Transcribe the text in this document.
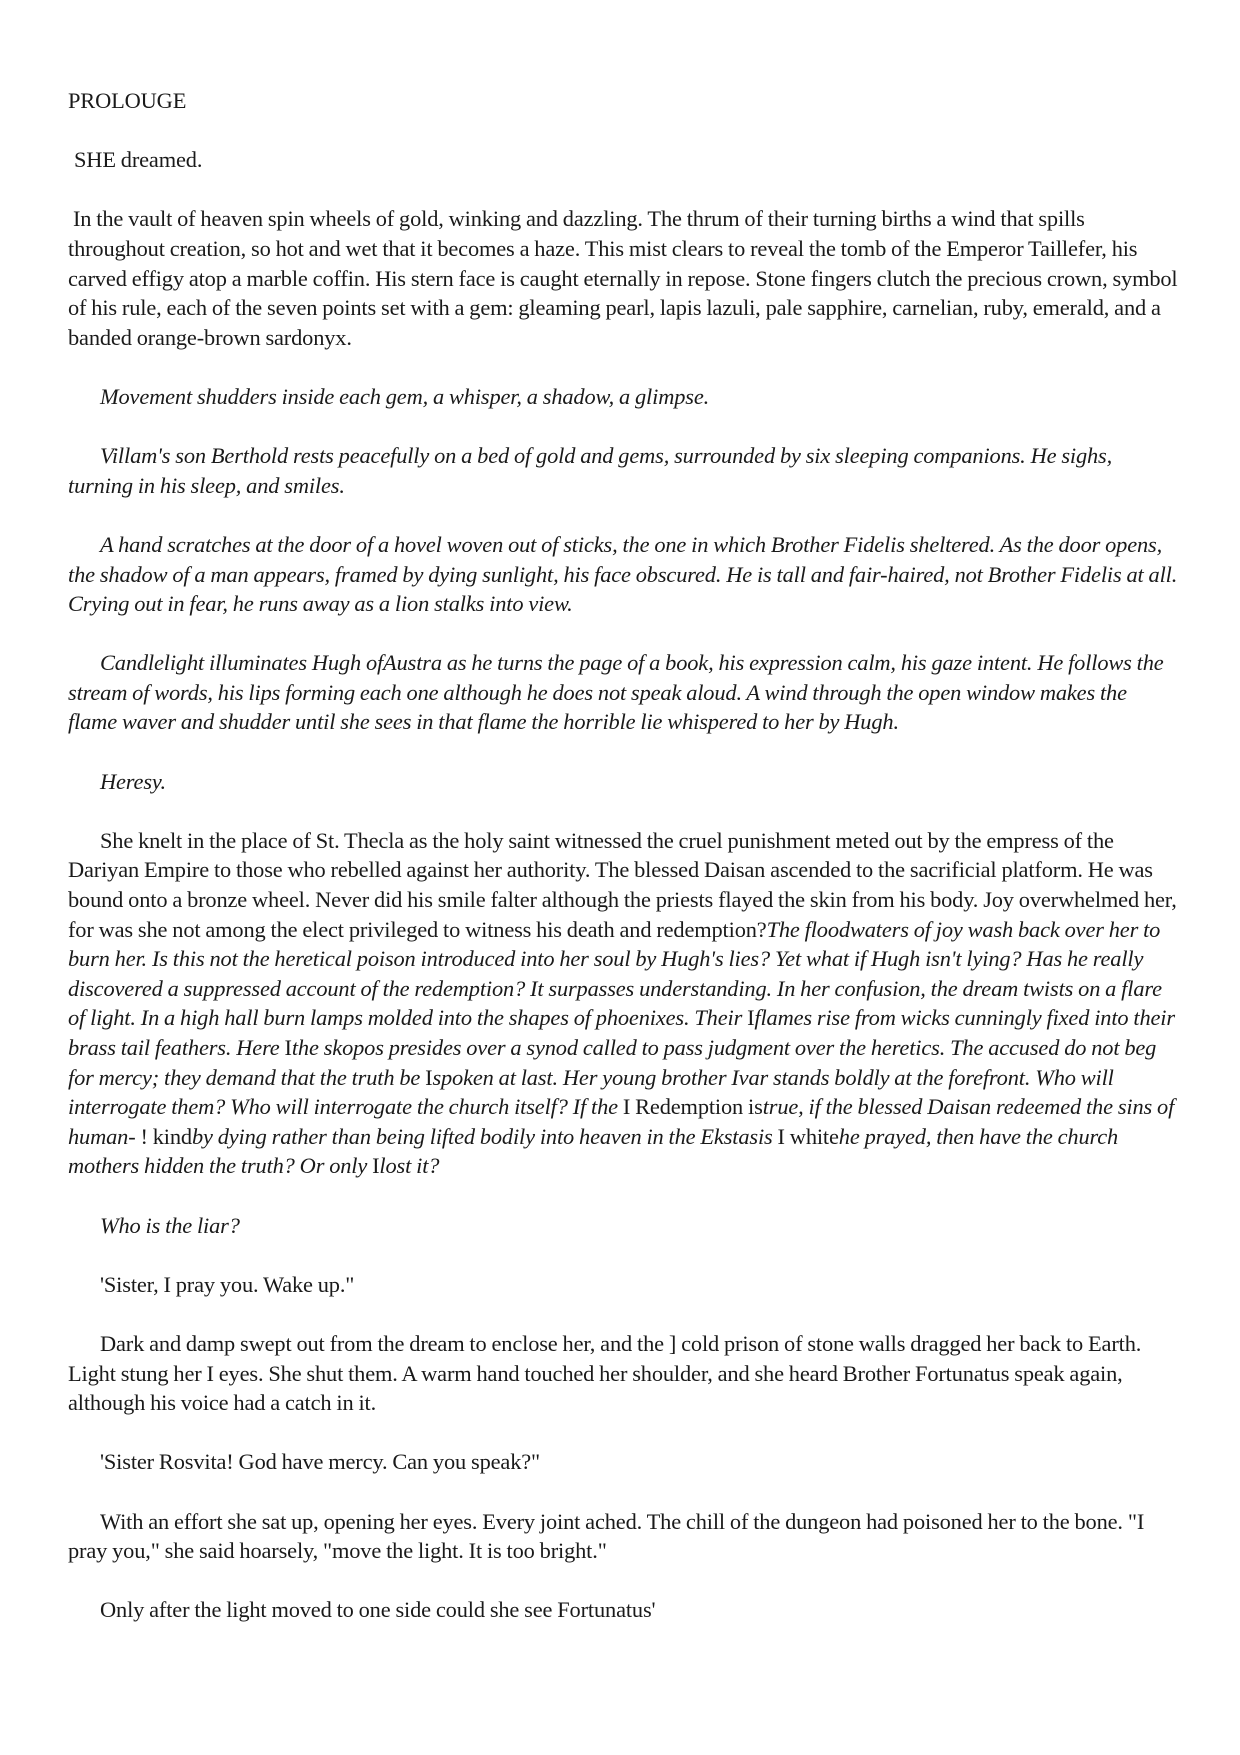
PROLOUGE

SHE dreamed.

In the vault of heaven spin wheels of gold, winking and dazzling. The thrum of their turning births a wind that spills throughout creation, so hot and wet that it becomes a haze. This mist clears to reveal the tomb of the Emperor Taillefer, his carved effigy atop a marble coffin. His stern face is caught eternally in repose. Stone fingers clutch the precious crown, symbol of his rule, each of the seven points set with a gem: gleaming pearl, lapis lazuli, pale sapphire, carnelian, ruby, emerald, and a banded orange-brown sardonyx.

Movement shudders inside each gem, a whisper, a shadow, a glimpse.

Villam's son Berthold rests peacefully on a bed of gold and gems, surrounded by six sleeping companions. He sighs, turning in his sleep, and smiles.

A hand scratches at the door of a hovel woven out of sticks, the one in which Brother Fidelis sheltered. As the door opens, the shadow of a man appears, framed by dying sunlight, his face obscured. He is tall and fair-haired, not Brother Fidelis at all. Crying out in fear, he runs away as a lion stalks into view.

Candlelight illuminates Hugh ofAustra as he turns the page of a book, his expression calm, his gaze intent. He follows the stream of words, his lips forming each one although he does not speak aloud. A wind through the open window makes the flame waver and shudder until she sees in that flame the horrible lie whispered to her by Hugh.

Heresy.

She knelt in the place of St. Thecla as the holy saint witnessed the cruel punishment meted out by the empress of the Dariyan Empire to those who rebelled against her authority. The blessed Daisan ascended to the sacrificial platform. He was bound onto a bronze wheel. Never did his smile falter although the priests flayed the skin from his body. Joy overwhelmed her, for was she not among the elect privileged to witness his death and redemption?The floodwaters of joy wash back over her to burn her. Is this not the heretical poison introduced into her soul by Hugh's lies? Yet what if Hugh isn't lying? Has he really discovered a suppressed account of the redemption? It surpasses understanding. In her confusion, the dream twists on a flare of light. In a high hall burn lamps molded into the shapes of phoenixes. Their Iflames rise from wicks cunningly fixed into their brass tail feathers. Here Ithe skopos presides over a synod called to pass judgment over the heretics. The accused do not beg for mercy; they demand that the truth be Ispoken at last. Her young brother Ivar stands boldly at the forefront. Who will interrogate them? Who will interrogate the church itself? If the I Redemption istrue, if the blessed Daisan redeemed the sins of human- ! kindby dying rather than being lifted bodily into heaven in the Ekstasis I whitehe prayed, then have the church mothers hidden the truth? Or only Ilost it?

Who is the liar?

'Sister, I pray you. Wake up."

Dark and damp swept out from the dream to enclose her, and the ] cold prison of stone walls dragged her back to Earth. Light stung her I eyes. She shut them. A warm hand touched her shoulder, and she heard Brother Fortunatus speak again, although his voice had a catch in it.

'Sister Rosvita! God have mercy. Can you speak?"

With an effort she sat up, opening her eyes. Every joint ached. The chill of the dungeon had poisoned her to the bone. "I pray you," she said hoarsely, "move the light. It is too bright."

Only after the light moved to one side could she see Fortunatus'
